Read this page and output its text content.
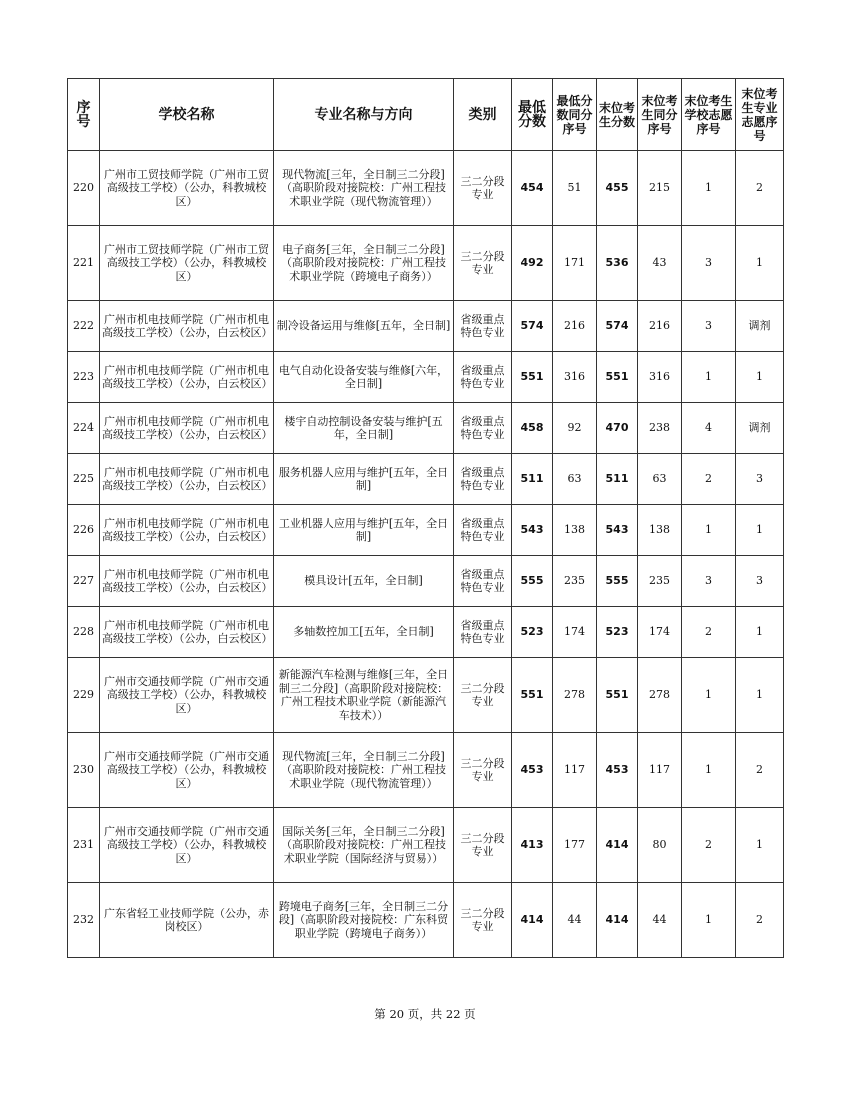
序号	学校名称	专业名称与方向	类别	最低分数	最低分数同分序号	末位考生分数	末位考生同分序号	末位考生学校志愿序号	末位考生专业志愿序号
220	广州市工贸技师学院（广州市工贸高级技工学校）（公办，科教城校区）	现代物流[三年，全日制三二分段]（高职阶段对接院校：广州工程技术职业学院（现代物流管理））	三二分段专业	454	51	455	215	1	2
221	广州市工贸技师学院（广州市工贸高级技工学校）（公办，科教城校区）	电子商务[三年，全日制三二分段]（高职阶段对接院校：广州工程技术职业学院（跨境电子商务））	三二分段专业	492	171	536	43	3	1
222	广州市机电技师学院（广州市机电高级技工学校）（公办，白云校区）	制冷设备运用与维修[五年，全日制]	省级重点特色专业	574	216	574	216	3	调剂
223	广州市机电技师学院（广州市机电高级技工学校）（公办，白云校区）	电气自动化设备安装与维修[六年，全日制]	省级重点特色专业	551	316	551	316	1	1
224	广州市机电技师学院（广州市机电高级技工学校）（公办，白云校区）	楼宇自动控制设备安装与维护[五年，全日制]	省级重点特色专业	458	92	470	238	4	调剂
225	广州市机电技师学院（广州市机电高级技工学校）（公办，白云校区）	服务机器人应用与维护[五年，全日制]	省级重点特色专业	511	63	511	63	2	3
226	广州市机电技师学院（广州市机电高级技工学校）（公办，白云校区）	工业机器人应用与维护[五年，全日制]	省级重点特色专业	543	138	543	138	1	1
227	广州市机电技师学院（广州市机电高级技工学校）（公办，白云校区）	模具设计[五年，全日制]	省级重点特色专业	555	235	555	235	3	3
228	广州市机电技师学院（广州市机电高级技工学校）（公办，白云校区）	多轴数控加工[五年，全日制]	省级重点特色专业	523	174	523	174	2	1
229	广州市交通技师学院（广州市交通高级技工学校）（公办，科教城校区）	新能源汽车检测与维修[三年，全日制三二分段]（高职阶段对接院校：广州工程技术职业学院（新能源汽车技术））	三二分段专业	551	278	551	278	1	1
230	广州市交通技师学院（广州市交通高级技工学校）（公办，科教城校区）	现代物流[三年，全日制三二分段]（高职阶段对接院校：广州工程技术职业学院（现代物流管理））	三二分段专业	453	117	453	117	1	2
231	广州市交通技师学院（广州市交通高级技工学校）（公办，科教城校区）	国际关务[三年，全日制三二分段]（高职阶段对接院校：广州工程技术职业学院（国际经济与贸易））	三二分段专业	413	177	414	80	2	1
232	广东省轻工业技师学院（公办，赤岗校区）	跨境电子商务[三年，全日制三二分段]（高职阶段对接院校：广东科贸职业学院（跨境电子商务））	三二分段专业	414	44	414	44	1	2
第 20 页，共 22 页
